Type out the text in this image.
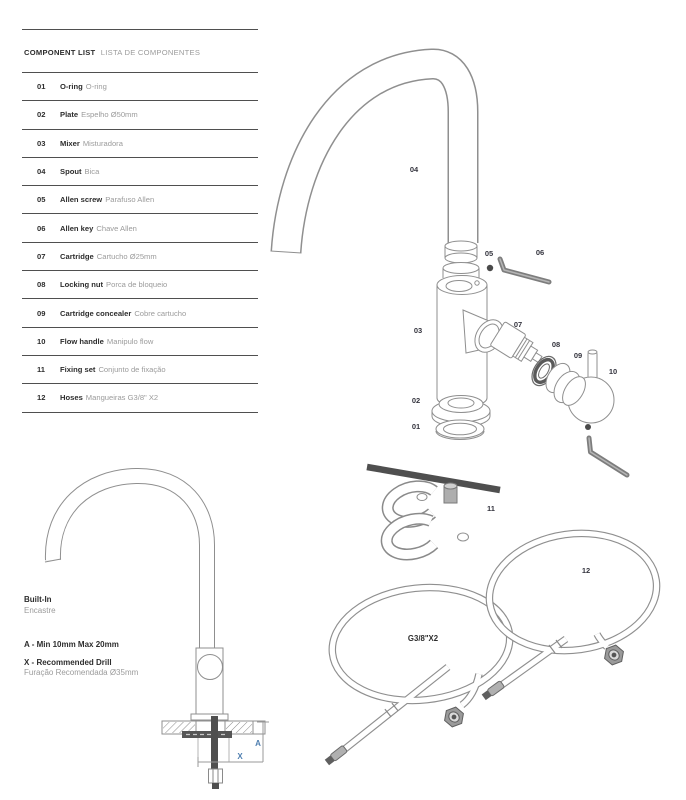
COMPONENT LIST LISTA DE COMPONENTES
01	O-ring O-ring
02	Plate Espelho Ø50mm
03	Mixer Misturadora
04	Spout Bica
05	Allen screw Parafuso Allen
06	Allen key Chave Allen
07	Cartridge Cartucho Ø25mm
08	Locking nut Porca de bloqueio
09	Cartridge concealer Cobre cartucho
10	Flow handle Manipulo flow
11	Fixing set Conjunto de fixação
12	Hoses Mangueiras G3/8" X2
Built-In
Encastre
A - Min 10mm Max 20mm
X - Recommended Drill
Furação Recomendada Ø35mm
04
05	06
03
07
08
09
10
02
01
11
12
G3/8"X2
A
X
